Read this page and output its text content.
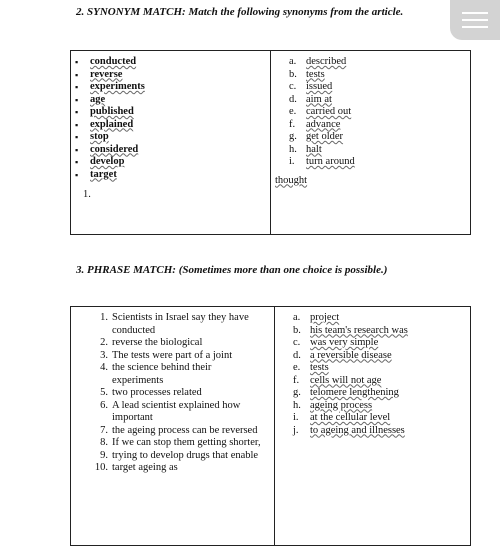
2. SYNONYM MATCH: Match the following synonyms from the article.
▪	conducted
▪	reverse
▪	experiments
▪	age
▪	published
▪	explained
▪	stop
▪	considered
▪	develop
▪	target
1.

a. described
b. tests
c. issued
d. aim at
e. carried out
f.	advance
g. get older
h. halt
i.	turn around
thought
3. PHRASE MATCH: (Sometimes more than one choice is possible.)
1. Scientists in Israel say they have conducted
2. reverse the biological
3. The tests were part of a joint
4. the science behind their experiments
5. two processes related
6. A lead scientist explained how important
7. the ageing process can be reversed
8. If we can stop them getting shorter,
9. trying to develop drugs that enable
10. target ageing as

a. project
b. his team's research was
c. was very simple
d. a reversible disease
e. tests
f.	cells will not age
g. telomere lengthening
h. ageing process
i.	at the cellular level
j.	to ageing and illnesses
